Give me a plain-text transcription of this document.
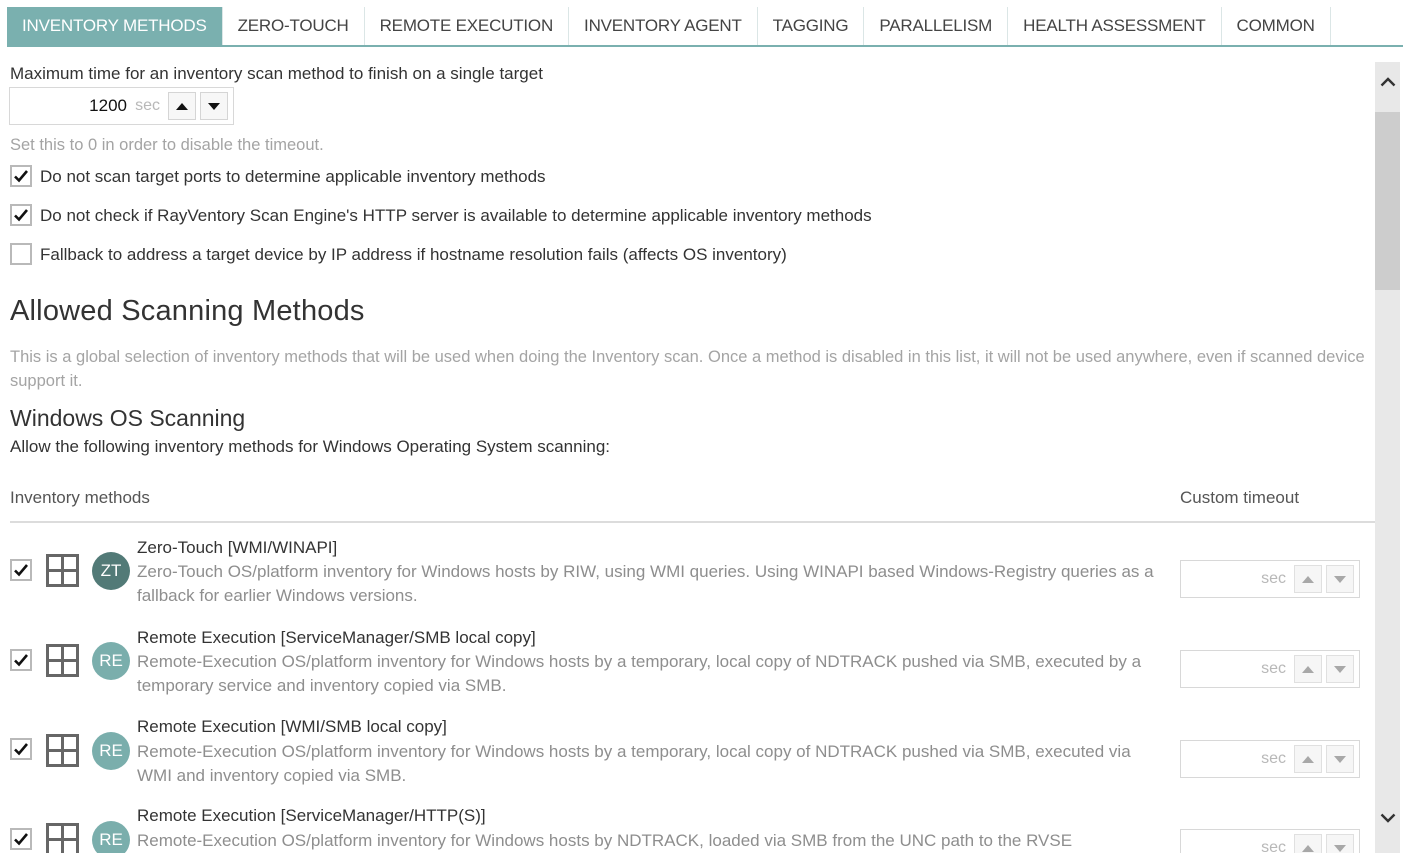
INVENTORY METHODS	ZERO-TOUCH	REMOTE EXECUTION	INVENTORY AGENT	TAGGING	PARALLELISM	HEALTH ASSESSMENT	COMMON
Maximum time for an inventory scan method to finish on a single target
1200 sec
Set this to 0 in order to disable the timeout.
Do not scan target ports to determine applicable inventory methods
Do not check if RayVentory Scan Engine's HTTP server is available to determine applicable inventory methods
Fallback to address a target device by IP address if hostname resolution fails (affects OS inventory)
Allowed Scanning Methods
This is a global selection of inventory methods that will be used when doing the Inventory scan. Once a method is disabled in this list, it will not be used anywhere, even if scanned device support it.
Windows OS Scanning
Allow the following inventory methods for Windows Operating System scanning:
Inventory methods	Custom timeout
ZT
Zero-Touch [WMI/WINAPI]
Zero-Touch OS/platform inventory for Windows hosts by RIW, using WMI queries. Using WINAPI based Windows-Registry queries as a fallback for earlier Windows versions.
sec
RE
Remote Execution [ServiceManager/SMB local copy]
Remote-Execution OS/platform inventory for Windows hosts by a temporary, local copy of NDTRACK pushed via SMB, executed by a temporary service and inventory copied via SMB.
sec
RE
Remote Execution [WMI/SMB local copy]
Remote-Execution OS/platform inventory for Windows hosts by a temporary, local copy of NDTRACK pushed via SMB, executed via WMI and inventory copied via SMB.
sec
RE
Remote Execution [ServiceManager/HTTP(S)]
Remote-Execution OS/platform inventory for Windows hosts by NDTRACK, loaded via SMB from the UNC path to the RVSE	sec
